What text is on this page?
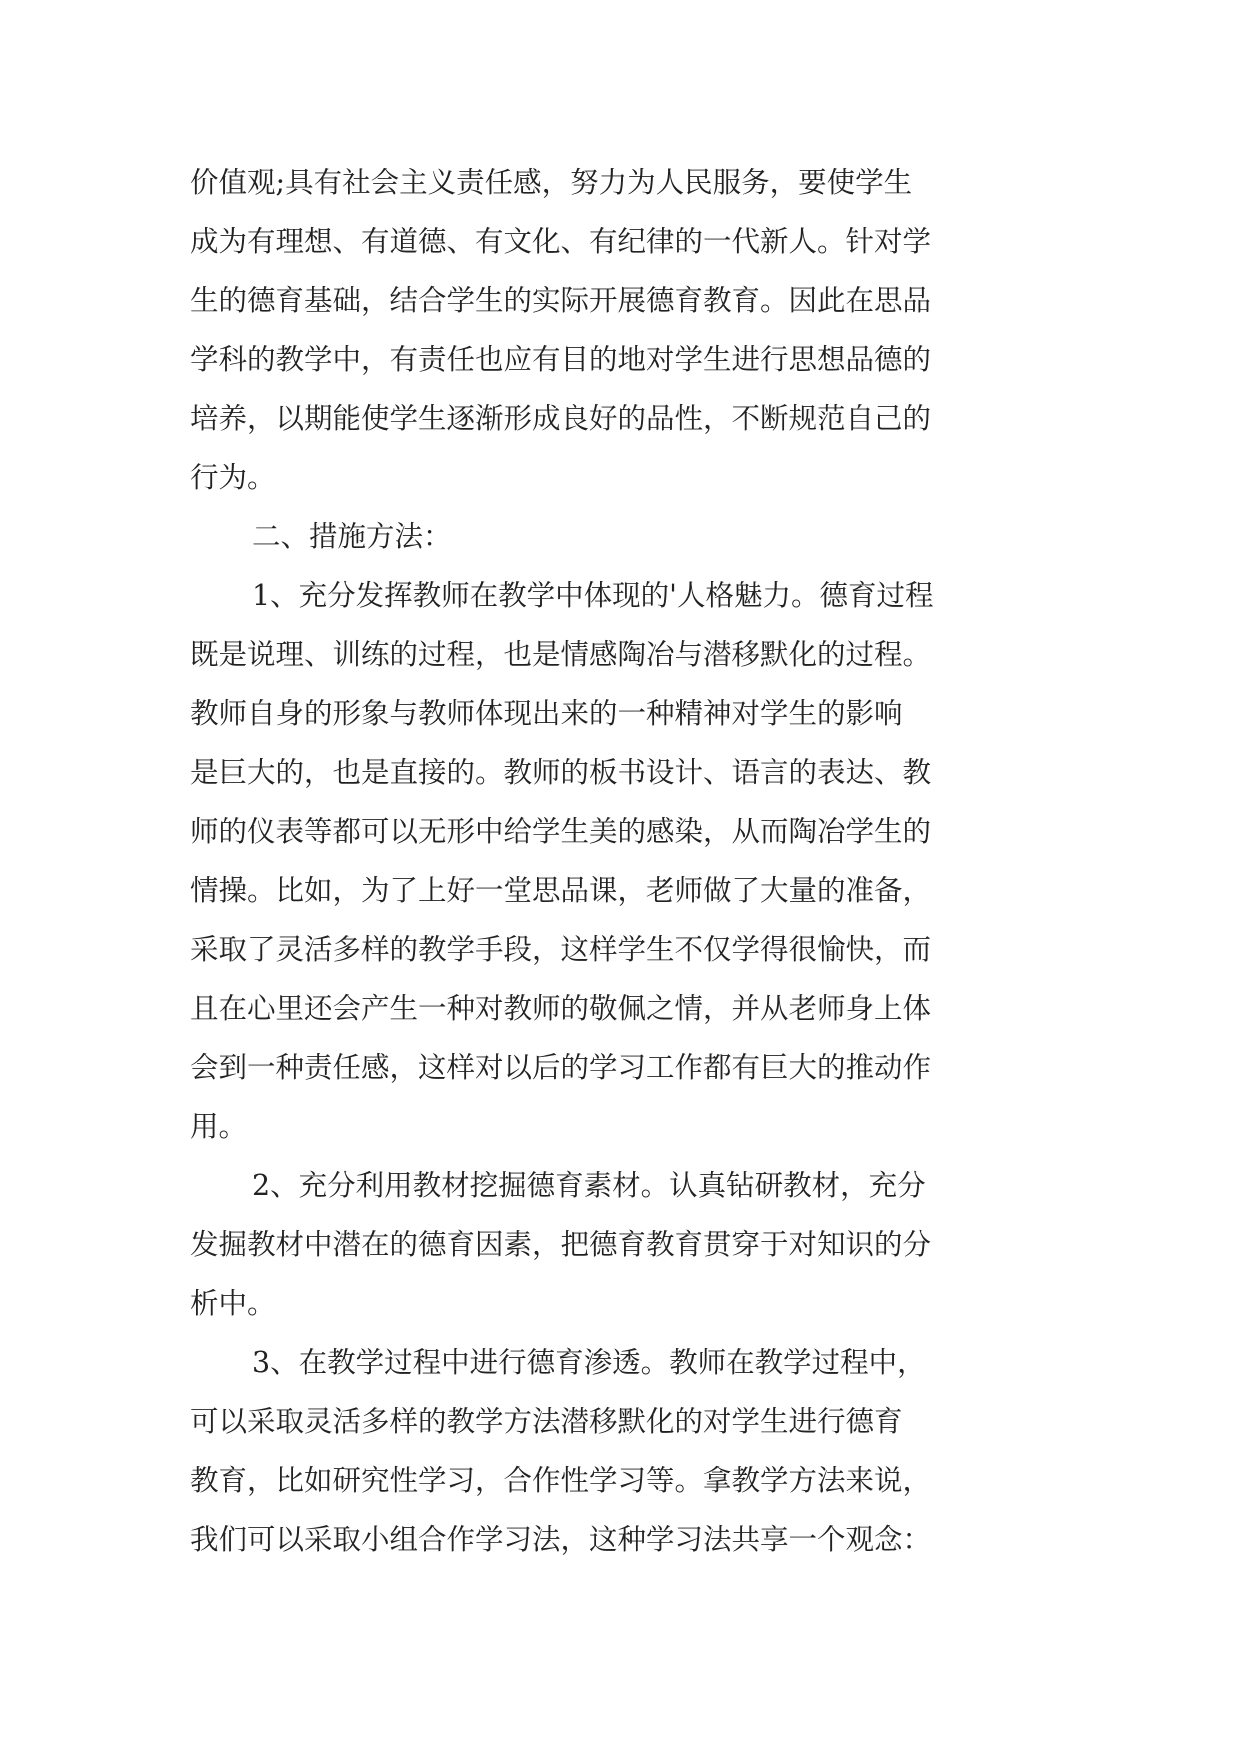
价值观;具有社会主义责任感，努力为人民服务，要使学生
成为有理想、有道德、有文化、有纪律的一代新人。针对学
生的德育基础，结合学生的实际开展德育教育。因此在思品
学科的教学中，有责任也应有目的地对学生进行思想品德的
培养，以期能使学生逐渐形成良好的品性，不断规范自己的
行为。
二、措施方法：
1、充分发挥教师在教学中体现的'人格魅力。德育过程
既是说理、训练的过程，也是情感陶冶与潜移默化的过程。
教师自身的形象与教师体现出来的一种精神对学生的影响
是巨大的，也是直接的。教师的板书设计、语言的表达、教
师的仪表等都可以无形中给学生美的感染，从而陶冶学生的
情操。比如，为了上好一堂思品课，老师做了大量的准备，
采取了灵活多样的教学手段，这样学生不仅学得很愉快，而
且在心里还会产生一种对教师的敬佩之情，并从老师身上体
会到一种责任感，这样对以后的学习工作都有巨大的推动作
用。
2、充分利用教材挖掘德育素材。认真钻研教材，充分
发掘教材中潜在的德育因素，把德育教育贯穿于对知识的分
析中。
3、在教学过程中进行德育渗透。教师在教学过程中，
可以采取灵活多样的教学方法潜移默化的对学生进行德育
教育，比如研究性学习，合作性学习等。拿教学方法来说，
我们可以采取小组合作学习法，这种学习法共享一个观念：
